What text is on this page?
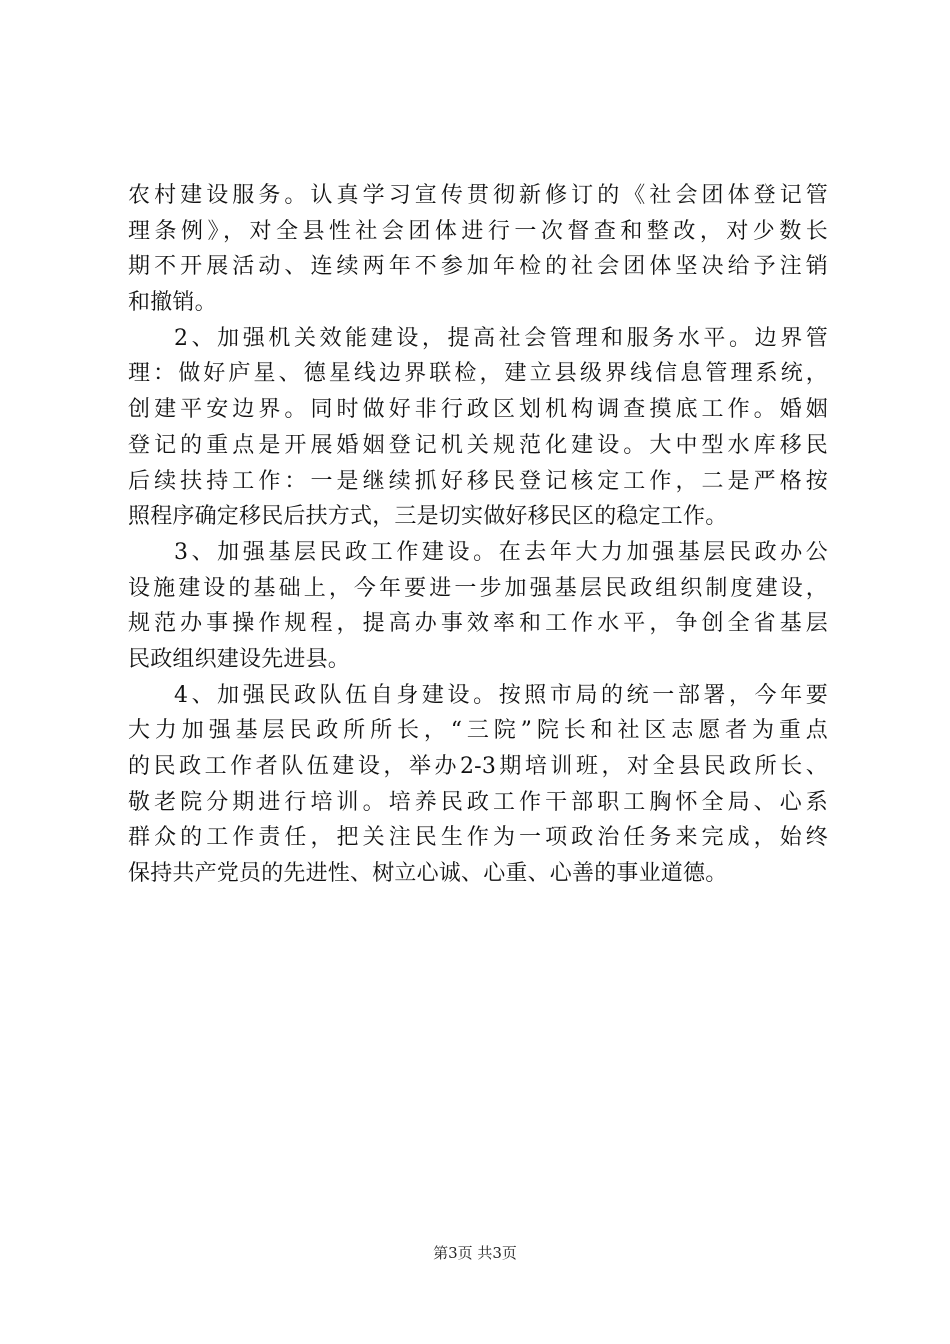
农村建设服务。认真学习宣传贯彻新修订的《社会团体登记管
理条例》，对全县性社会团体进行一次督查和整改，对少数长
期不开展活动、连续两年不参加年检的社会团体坚决给予注销
和撤销。
2、加强机关效能建设，提高社会管理和服务水平。边界管
理：做好庐星、德星线边界联检，建立县级界线信息管理系统，
创建平安边界。同时做好非行政区划机构调查摸底工作。婚姻
登记的重点是开展婚姻登记机关规范化建设。大中型水库移民
后续扶持工作：一是继续抓好移民登记核定工作，二是严格按
照程序确定移民后扶方式，三是切实做好移民区的稳定工作。
3、加强基层民政工作建设。在去年大力加强基层民政办公
设施建设的基础上，今年要进一步加强基层民政组织制度建设，
规范办事操作规程，提高办事效率和工作水平，争创全省基层
民政组织建设先进县。
4、加强民政队伍自身建设。按照市局的统一部署，今年要
大力加强基层民政所所长，“三院”院长和社区志愿者为重点
的民政工作者队伍建设，举办2-3期培训班，对全县民政所长、
敬老院分期进行培训。培养民政工作干部职工胸怀全局、心系
群众的工作责任，把关注民生作为一项政治任务来完成，始终
保持共产党员的先进性、树立心诚、心重、心善的事业道德。
第3页 共3页
